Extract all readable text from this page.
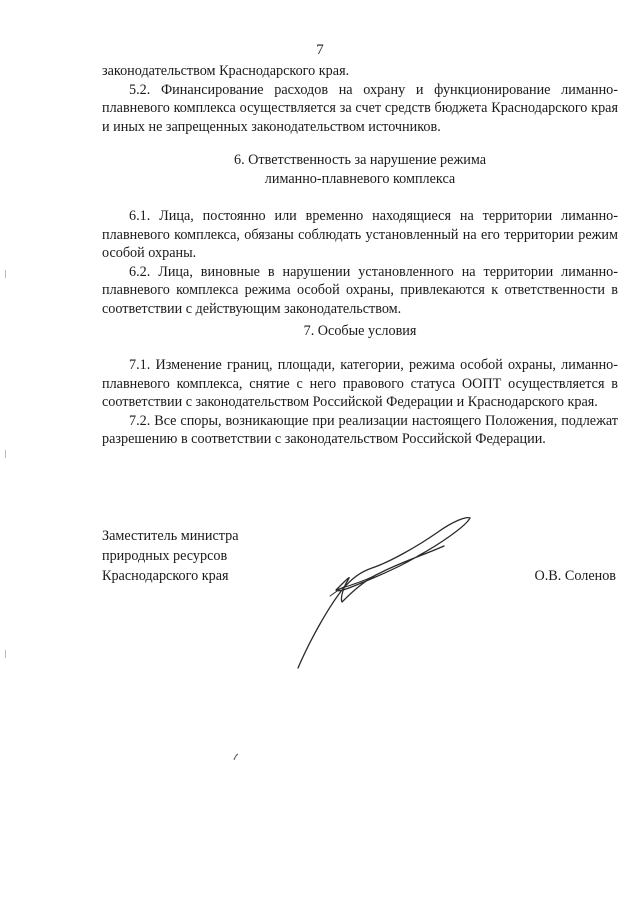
7

законодательством Краснодарского края.

5.2. Финансирование расходов на охрану и функционирование лиманно-плавневого комплекса осуществляется за счет средств бюджета Краснодарского края и иных не запрещенных законодательством источников.

6. Ответственность за нарушение режима
лиманно-плавневого комплекса

6.1. Лица, постоянно или временно находящиеся на территории лиманно-плавневого комплекса, обязаны соблюдать установленный на его территории режим особой охраны.

6.2. Лица, виновные в нарушении установленного на территории лиманно-плавневого комплекса режима особой охраны, привлекаются к ответственности в соответствии с действующим законодательством.

7. Особые условия

7.1. Изменение границ, площади, категории, режима особой охраны, лиманно-плавневого комплекса, снятие с него правового статуса ООПТ осуществляется в соответствии с законодательством Российской Федерации и Краснодарского края.

7.2. Все споры, возникающие при реализации настоящего Положения, подлежат разрешению в соответствии с законодательством Российской Федерации.

Заместитель министра
природных ресурсов
Краснодарского края	О.В. Соленов
